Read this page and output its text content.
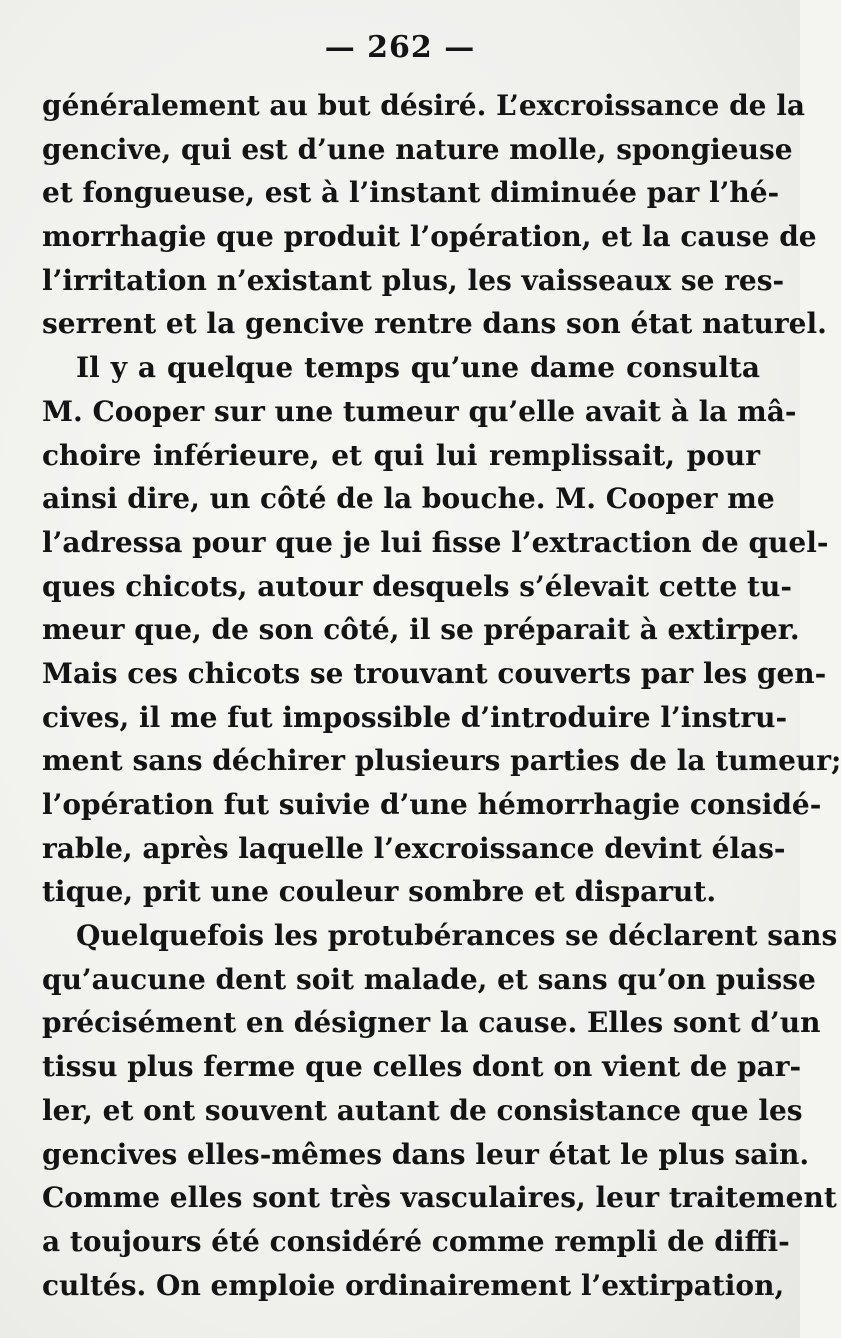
— 262 —
généralement au but désiré. L’excroissance de la
gencive, qui est d’une nature molle, spongieuse
et fongueuse, est à l’instant diminuée par l’hé-
morrhagie que produit l’opération, et la cause de
l’irritation n’existant plus, les vaisseaux se res-
serrent et la gencive rentre dans son état naturel.
Il y a quelque temps qu’une dame consulta
M. Cooper sur une tumeur qu’elle avait à la mâ-
choire inférieure, et qui lui remplissait, pour
ainsi dire, un côté de la bouche. M. Cooper me
l’adressa pour que je lui fisse l’extraction de quel-
ques chicots, autour desquels s’élevait cette tu-
meur que, de son côté, il se préparait à extirper.
Mais ces chicots se trouvant couverts par les gen-
cives, il me fut impossible d’introduire l’instru-
ment sans déchirer plusieurs parties de la tumeur;
l’opération fut suivie d’une hémorrhagie considé-
rable, après laquelle l’excroissance devint élas-
tique, prit une couleur sombre et disparut.
Quelquefois les protubérances se déclarent sans
qu’aucune dent soit malade, et sans qu’on puisse
précisément en désigner la cause. Elles sont d’un
tissu plus ferme que celles dont on vient de par-
ler, et ont souvent autant de consistance que les
gencives elles-mêmes dans leur état le plus sain.
Comme elles sont très vasculaires, leur traitement
a toujours été considéré comme rempli de diffi-
cultés. On emploie ordinairement l’extirpation,
